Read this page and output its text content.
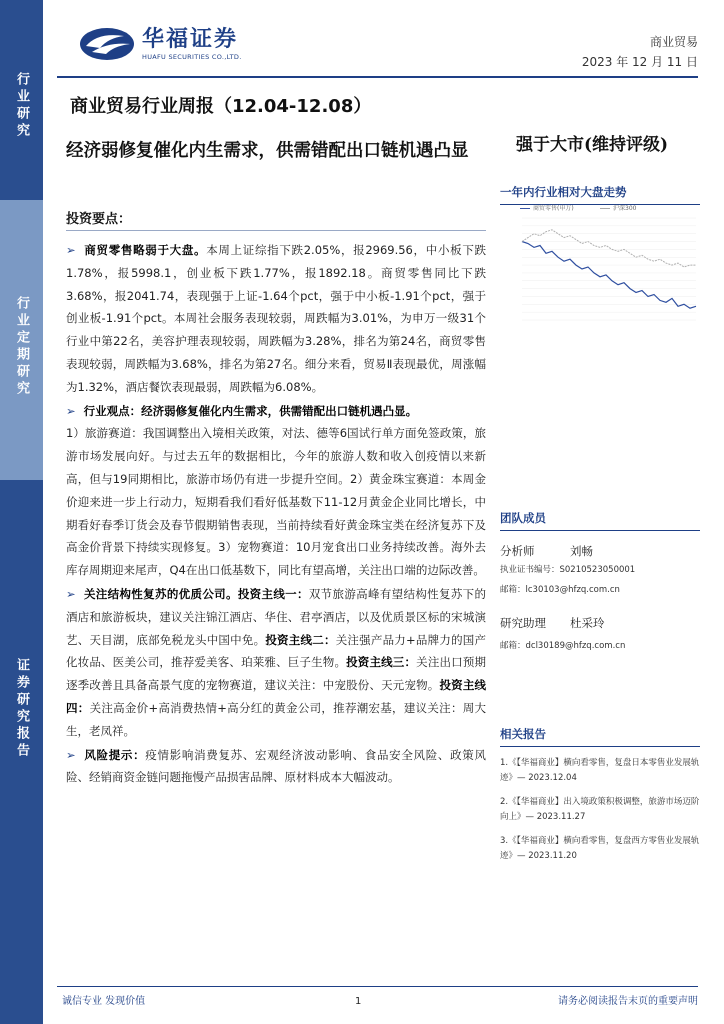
行业研究
行业定期研究
证券研究报告
华福证券
HUAFU SECURITIES CO.,LTD.
商业贸易
2023 年 12 月 11 日
商业贸易行业周报（12.04-12.08）
经济弱修复催化内生需求，供需错配出口链机遇凸显	强于大市(维持评级)
投资要点：

➢ 商贸零售略弱于大盘。本周上证综指下跌2.05%，报2969.56，中小板下跌1.78%，报5998.1，创业板下跌1.77%，报1892.18。商贸零售同比下跌3.68%，报2041.74，表现强于上证-1.64个pct，强于中小板-1.91个pct，强于创业板-1.91个pct。本周社会服务表现较弱，周跌幅为3.01%，为申万一级31个行业中第22名，美容护理表现较弱，周跌幅为3.28%，排名为第24名，商贸零售表现较弱，周跌幅为3.68%，排名为第27名。细分来看，贸易Ⅱ表现最优，周涨幅为1.32%，酒店餐饮表现最弱，周跌幅为6.08%。

➢ 行业观点：经济弱修复催化内生需求，供需错配出口链机遇凸显。
1）旅游赛道：我国调整出入境相关政策，对法、德等6国试行单方面免签政策，旅游市场发展向好。与过去五年的数据相比，今年的旅游人数和收入创疫情以来新高，但与19同期相比，旅游市场仍有进一步提升空间。2）黄金珠宝赛道：本周金价迎来进一步上行动力，短期看我们看好低基数下11-12月黄金企业同比增长，中期看好春季订货会及春节假期销售表现，当前持续看好黄金珠宝类在经济复苏下及高金价背景下持续实现修复。3）宠物赛道：10月宠食出口业务持续改善。海外去库存周期迎来尾声，Q4在出口低基数下，同比有望高增，关注出口端的边际改善。

➢ 关注结构性复苏的优质公司。投资主线一：双节旅游高峰有望结构性复苏下的酒店和旅游板块，建议关注锦江酒店、华住、君亭酒店，以及优质景区标的宋城演艺、天目湖，底部免税龙头中国中免。投资主线二：关注强产品力+品牌力的国产化妆品、医美公司，推荐爱美客、珀莱雅、巨子生物。投资主线三：关注出口预期逐季改善且具备高景气度的宠物赛道，建议关注：中宠股份、天元宠物。投资主线四：关注高金价+高消费热情+高分红的黄金公司，推荐潮宏基，建议关注：周大生，老凤祥。

➢ 风险提示：疫情影响消费复苏、宏观经济波动影响、食品安全风险、政策风险、经销商资金链问题拖慢产品损害品牌、原材料成本大幅波动。

一年内行业相对大盘走势
商贸零售(申万)	沪深300
团队成员
分析师	刘畅
执业证书编号：S0210523050001
邮箱：lc30103@hfzq.com.cn
研究助理	杜采玲
邮箱：dcl30189@hfzq.com.cn
相关报告
1.《【华福商业】横向看零售，复盘日本零售业发展轨迹》— 2023.12.04
2.《【华福商业】出入境政策积极调整，旅游市场迈阶向上》— 2023.11.27
3.《【华福商业】横向看零售，复盘西方零售业发展轨迹》— 2023.11.20
诚信专业 发现价值	1	请务必阅读报告末页的重要声明
